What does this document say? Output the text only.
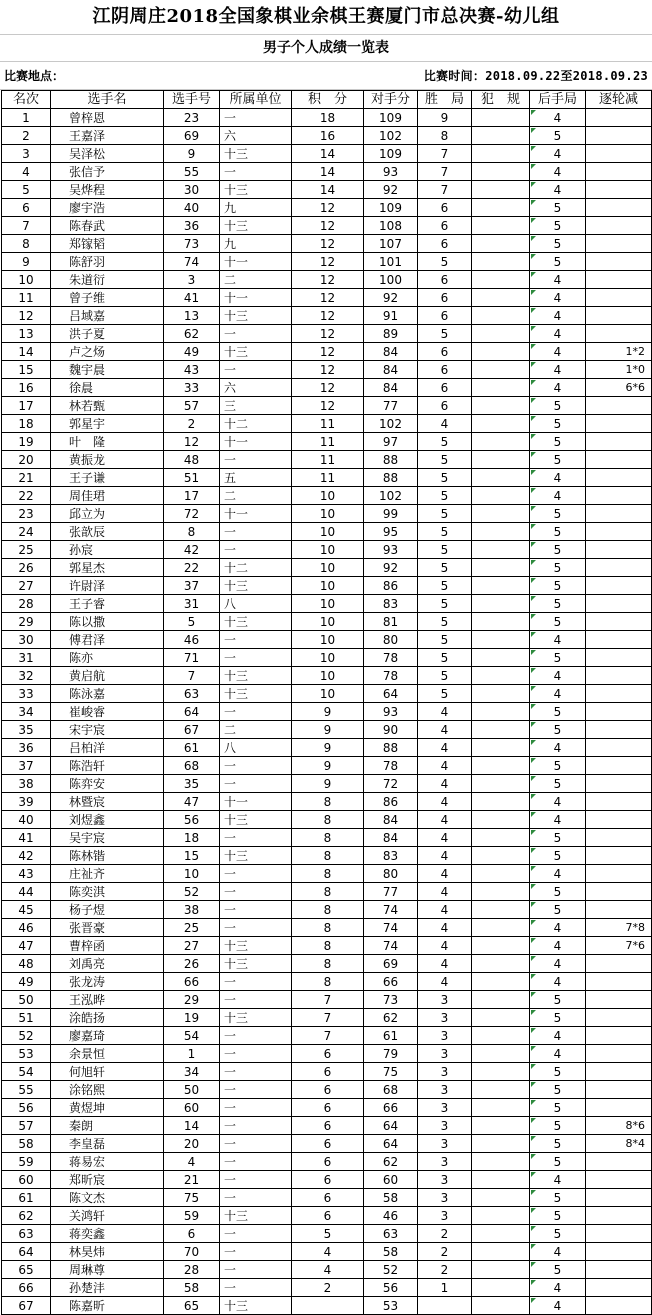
江阴周庄2018全国象棋业余棋王赛厦门市总决赛-幼儿组
男子个人成绩一览表
比赛地点：	比赛时间：2018.09.22至2018.09.23
名次	选手名	选手号	所属单位	积　分	对手分	胜　局	犯　规	后手局	逐轮减
1	曾梓恩	23	一	18	109	9		4	
2	王嘉泽	69	六	16	102	8		5	
3	吴泽松	9	十三	14	109	7		4	
4	张信予	55	一	14	93	7		4	
5	吴烨程	30	十三	14	92	7		4	
6	廖宇浩	40	九	12	109	6		5	
7	陈春武	36	十三	12	108	6		5	
8	郑镓韬	73	九	12	107	6		5	
9	陈舒羽	74	十一	12	101	5		5	
10	朱道衍	3	二	12	100	6		4	
11	曾子维	41	十一	12	92	6		4	
12	吕域嘉	13	十三	12	91	6		4	
13	洪子夏	62	一	12	89	5		4	
14	卢之炀	49	十三	12	84	6		4	1*2
15	魏宇晨	43	一	12	84	6		4	1*0
16	徐晨	33	六	12	84	6		4	6*6
17	林若甄	57	三	12	77	6		5	
18	郭星宇	2	十二	11	102	4		5	
19	叶　隆	12	十一	11	97	5		5	
20	黄振龙	48	一	11	88	5		5	
21	王子谦	51	五	11	88	5		4	
22	周佳珺	17	二	10	102	5		4	
23	邱立为	72	十一	10	99	5		5	
24	张歆辰	8	一	10	95	5		5	
25	孙宸	42	一	10	93	5		5	
26	郭星杰	22	十二	10	92	5		5	
27	许尉泽	37	十三	10	86	5		5	
28	王子睿	31	八	10	83	5		5	
29	陈以撒	5	十三	10	81	5		5	
30	傅君泽	46	一	10	80	5		4	
31	陈亦	71	一	10	78	5		5	
32	黄启航	7	十三	10	78	5		4	
33	陈泳嘉	63	十三	10	64	5		4	
34	崔峻睿	64	一	9	93	4		5	
35	宋宇宸	67	二	9	90	4		5	
36	吕柏洋	61	八	9	88	4		4	
37	陈浩轩	68	一	9	78	4		5	
38	陈弈安	35	一	9	72	4		5	
39	林暨宸	47	十一	8	86	4		4	
40	刘煜鑫	56	十三	8	84	4		4	
41	吴宇宸	18	一	8	84	4		5	
42	陈林锴	15	十三	8	83	4		5	
43	庄祉齐	10	一	8	80	4		4	
44	陈奕淇	52	一	8	77	4		5	
45	杨子煜	38	一	8	74	4		5	
46	张晋豪	25	一	8	74	4		4	7*8
47	曹梓函	27	十三	8	74	4		4	7*6
48	刘禹亮	26	十三	8	69	4		4	
49	张龙涛	66	一	8	66	4		4	
50	王泓晔	29	一	7	73	3		5	
51	涂皓扬	19	十三	7	62	3		5	
52	廖嘉琦	54	一	7	61	3		4	
53	余景恒	1	一	6	79	3		4	
54	何旭轩	34	一	6	75	3		5	
55	涂铭熙	50	一	6	68	3		5	
56	黄煜坤	60	一	6	66	3		5	
57	秦朗	14	一	6	64	3		5	8*6
58	李皇磊	20	一	6	64	3		5	8*4
59	蒋易宏	4	一	6	62	3		5	
60	郑昕宸	21	一	6	60	3		4	
61	陈文杰	75	一	6	58	3		5	
62	关鸿轩	59	十三	6	46	3		5	
63	蒋奕鑫	6	一	5	63	2		5	
64	林昊炜	70	一	4	58	2		4	
65	周琳尊	28	一	4	52	2		5	
66	孙楚沣	58	一	2	56	1		4	
67	陈嘉昕	65	十三		53			4	
